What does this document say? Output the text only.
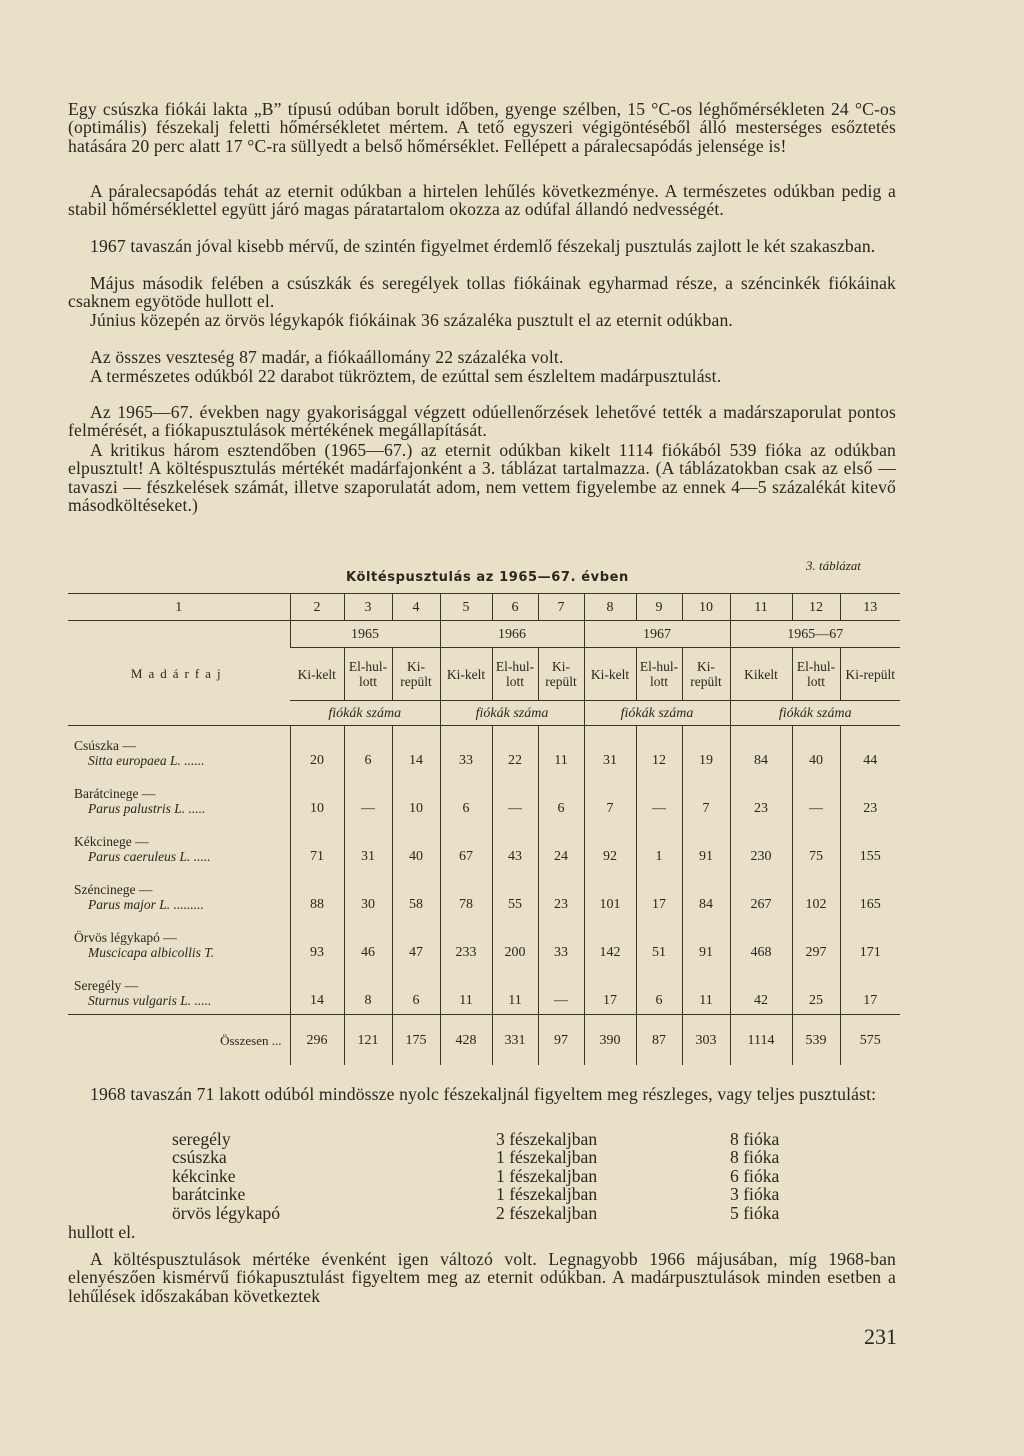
Egy csúszka fiókái lakta „B” típusú odúban borult időben, gyenge szélben, 15 °C-os léghőmérsékleten 24 °C-os (optimális) fészekalj feletti hőmérsékletet mértem. A tető egyszeri végigöntéséből álló mesterséges esőztetés hatására 20 perc alatt 17 °C-ra süllyedt a belső hőmérséklet. Fellépett a páralecsapódás jelensége is!
A páralecsapódás tehát az eternit odúkban a hirtelen lehűlés következménye. A természetes odúkban pedig a stabil hőmérséklettel együtt járó magas páratartalom okozza az odúfal állandó nedvességét.
1967 tavaszán jóval kisebb mérvű, de szintén figyelmet érdemlő fészekalj pusztulás zajlott le két szakaszban.
Május második felében a csúszkák és seregélyek tollas fiókáinak egyharmad része, a széncinkék fiókáinak csaknem egyötöde hullott el.
Június közepén az örvös légykapók fiókáinak 36 százaléka pusztult el az eternit odúkban.
Az összes veszteség 87 madár, a fiókaállomány 22 százaléka volt.
A természetes odúkból 22 darabot tükröztem, de ezúttal sem észleltem madárpusztulást.
Az 1965—67. években nagy gyakorisággal végzett odúellenőrzések lehetővé tették a madárszaporulat pontos felmérését, a fiókapusztulások mértékének megállapítását.
A kritikus három esztendőben (1965—67.) az eternit odúkban kikelt 1114 fiókából 539 fióka az odúkban elpusztult! A költéspusztulás mértékét madárfajonként a 3. táblázat tartalmazza. (A táblázatokban csak az első — tavaszi — fészkelések számát, illetve szaporulatát adom, nem vettem figyelembe az ennek 4—5 százalékát kitevő másodköltéseket.)
3. táblázat
Költéspusztulás az 1965—67. évben
1	2	3	4	5	6	7	8	9	10	11	12	13
Madárfaj	1965			1966			1967			1965—67		
	Ki-kelt	El-hul-lott	Ki-repült	Ki-kelt	El-hul-lott	Ki-repült	Ki-kelt	El-hul-lott	Ki-repült	Kikelt	El-hul-lott	Ki-repült
	fiókák száma			fiókák száma			fiókák száma			fiókák száma		
Csúszka —
Sitta europaea L. ......	20	6	14	33	22	11	31	12	19	84	40	44
Barátcinege —
Parus palustris L. .....	10	—	10	6	—	6	7	—	7	23	—	23
Kékcinege —
Parus caeruleus L. .....	71	31	40	67	43	24	92	1	91	230	75	155
Széncinege —
Parus major L. .........	88	30	58	78	55	23	101	17	84	267	102	165
Örvös légykapó —
Muscicapa albicollis T.	93	46	47	233	200	33	142	51	91	468	297	171
Seregély —
Sturnus vulgaris L. .....	14	8	6	11	11	—	17	6	11	42	25	17
Összesen ...	296	121	175	428	331	97	390	87	303	1114	539	575
1968 tavaszán 71 lakott odúból mindössze nyolc fészekaljnál figyeltem meg részleges, vagy teljes pusztulást:
seregély	3 fészekaljban	8 fióka
csúszka	1 fészekaljban	8 fióka
kékcinke	1 fészekaljban	6 fióka
barátcinke	1 fészekaljban	3 fióka
örvös légykapó	2 fészekaljban	5 fióka
hullott el.
A költéspusztulások mértéke évenként igen változó volt. Legnagyobb 1966 májusában, míg 1968-ban elenyészően kismérvű fiókapusztulást figyeltem meg az eternit odúkban. A madárpusztulások minden esetben a lehűlések időszakában következtek
231
